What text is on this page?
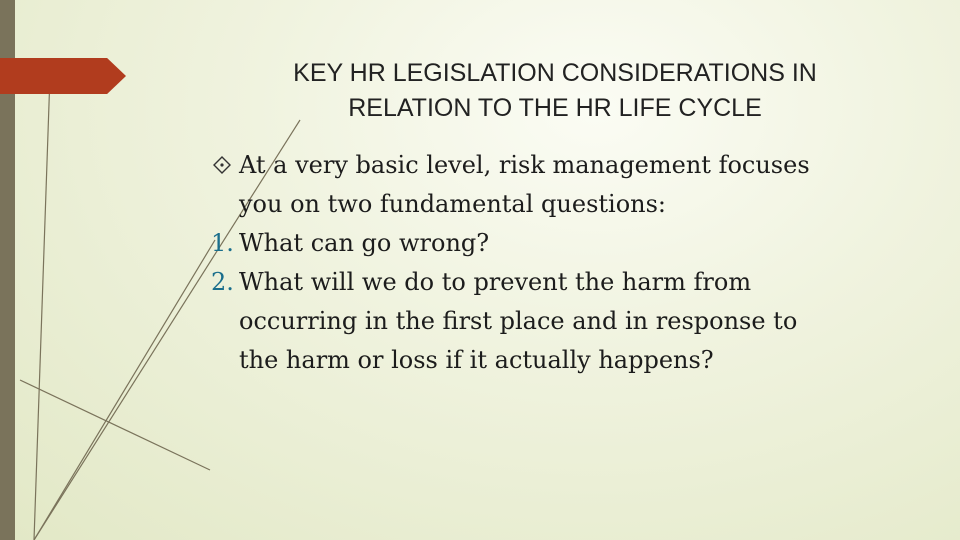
KEY HR LEGISLATION CONSIDERATIONS IN
RELATION TO THE HR LIFE CYCLE
At a very basic level, risk management focuses
you on two fundamental questions:
1. What can go wrong?
2. What will we do to prevent the harm from
occurring in the first place and in response to
the harm or loss if it actually happens?
